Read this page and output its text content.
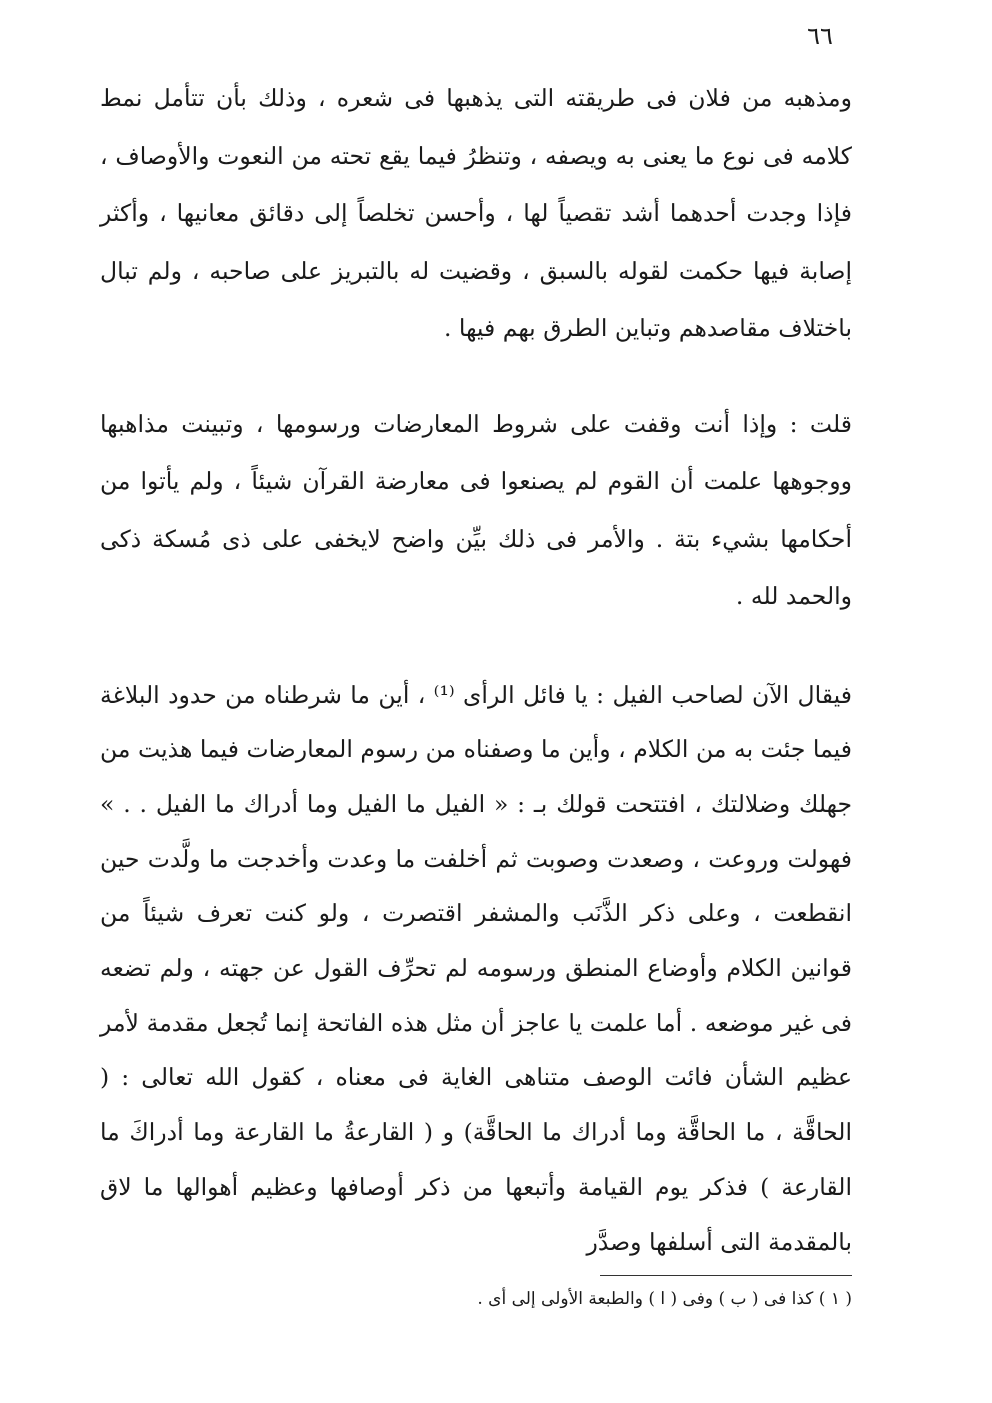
٦٦

ومذهبه من فلان فى طريقته التى يذهبها فى شعره ، وذلك بأن تتأمل نمط كلامه فى نوع ما يعنى به ويصفه ، وتنظرُ فيما يقع تحته من النعوت والأوصاف ، فإذا وجدت أحدهما أشد تقصياً لها ، وأحسن تخلصاً إلى دقائق معانيها ، وأكثر إصابة فيها حكمت لقوله بالسبق ، وقضيت له بالتبريز على صاحبه ، ولم تبال باختلاف مقاصدهم وتباين الطرق بهم فيها .

قلت : وإذا أنت وقفت على شروط المعارضات ورسومها ، وتبينت مذاهبها ووجوهها علمت أن القوم لم يصنعوا فى معارضة القرآن شيئاً ، ولم يأتوا من أحكامها بشيء بتة . والأمر فى ذلك بيِّن واضح لايخفى على ذى مُسكة ذكى والحمد لله .

فيقال الآن لصاحب الفيل : يا فائل الرأى ⁽¹⁾ ، أين ما شرطناه من حدود البلاغة فيما جئت به من الكلام ، وأين ما وصفناه من رسوم المعارضات فيما هذيت من جهلك وضلالتك ، افتتحت قولك بـ : « الفيل ما الفيل وما أدراك ما الفيل . . » فهولت وروعت ، وصعدت وصوبت ثم أخلفت ما وعدت وأخدجت ما ولَّدت حين انقطعت ، وعلى ذكر الذَّنَب والمشفر اقتصرت ، ولو كنت تعرف شيئاً من قوانين الكلام وأوضاع المنطق ورسومه لم تحرِّف القول عن جهته ، ولم تضعه فى غير موضعه . أما علمت يا عاجز أن مثل هذه الفاتحة إنما تُجعل مقدمة لأمر عظيم الشأن فائت الوصف متناهى الغاية فى معناه ، كقول الله تعالى : ( الحاقَّة ، ما الحاقَّة وما أدراك ما الحاقَّة) و ( القارعةُ ما القارعة وما أدراكَ ما القارعة ) فذكر يوم القيامة وأتبعها من ذكر أوصافها وعظيم أهوالها ما لاق بالمقدمة التى أسلفها وصدَّر

( ١ ) كذا فى ( ب ) وفى ( ا ) والطبعة الأولى إلى أى .
